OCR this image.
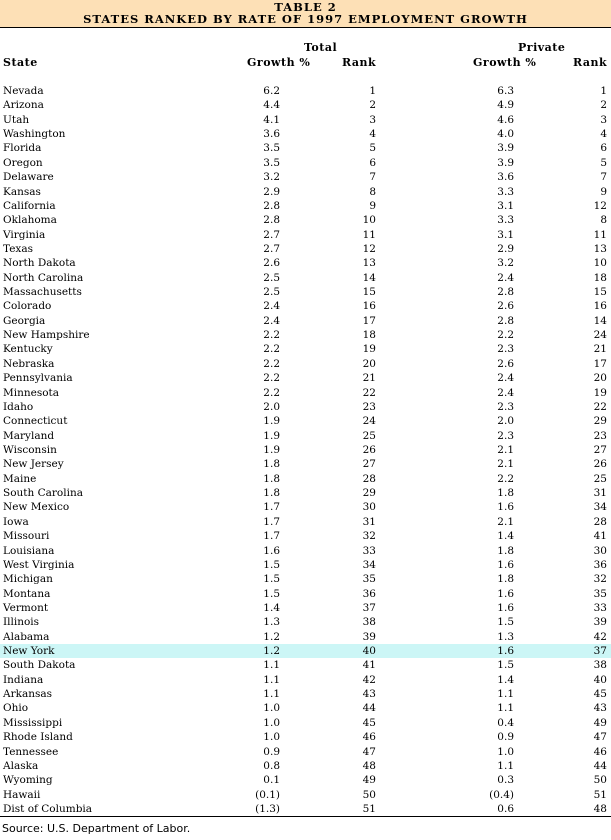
TABLE 2
STATES RANKED BY RATE OF 1997 EMPLOYMENT GROWTH
Total	Private
State	Growth %	Rank	Growth %	Rank
Nevada	6.2	1	6.3	1
Arizona	4.4	2	4.9	2
Utah	4.1	3	4.6	3
Washington	3.6	4	4.0	4
Florida	3.5	5	3.9	6
Oregon	3.5	6	3.9	5
Delaware	3.2	7	3.6	7
Kansas	2.9	8	3.3	9
California	2.8	9	3.1	12
Oklahoma	2.8	10	3.3	8
Virginia	2.7	11	3.1	11
Texas	2.7	12	2.9	13
North Dakota	2.6	13	3.2	10
North Carolina	2.5	14	2.4	18
Massachusetts	2.5	15	2.8	15
Colorado	2.4	16	2.6	16
Georgia	2.4	17	2.8	14
New Hampshire	2.2	18	2.2	24
Kentucky	2.2	19	2.3	21
Nebraska	2.2	20	2.6	17
Pennsylvania	2.2	21	2.4	20
Minnesota	2.2	22	2.4	19
Idaho	2.0	23	2.3	22
Connecticut	1.9	24	2.0	29
Maryland	1.9	25	2.3	23
Wisconsin	1.9	26	2.1	27
New Jersey	1.8	27	2.1	26
Maine	1.8	28	2.2	25
South Carolina	1.8	29	1.8	31
New Mexico	1.7	30	1.6	34
Iowa	1.7	31	2.1	28
Missouri	1.7	32	1.4	41
Louisiana	1.6	33	1.8	30
West Virginia	1.5	34	1.6	36
Michigan	1.5	35	1.8	32
Montana	1.5	36	1.6	35
Vermont	1.4	37	1.6	33
Illinois	1.3	38	1.5	39
Alabama	1.2	39	1.3	42
New York	1.2	40	1.6	37
South Dakota	1.1	41	1.5	38
Indiana	1.1	42	1.4	40
Arkansas	1.1	43	1.1	45
Ohio	1.0	44	1.1	43
Mississippi	1.0	45	0.4	49
Rhode Island	1.0	46	0.9	47
Tennessee	0.9	47	1.0	46
Alaska	0.8	48	1.1	44
Wyoming	0.1	49	0.3	50
Hawaii	(0.1)	50	(0.4)	51
Dist of Columbia	(1.3)	51	0.6	48
Source: U.S. Department of Labor.
